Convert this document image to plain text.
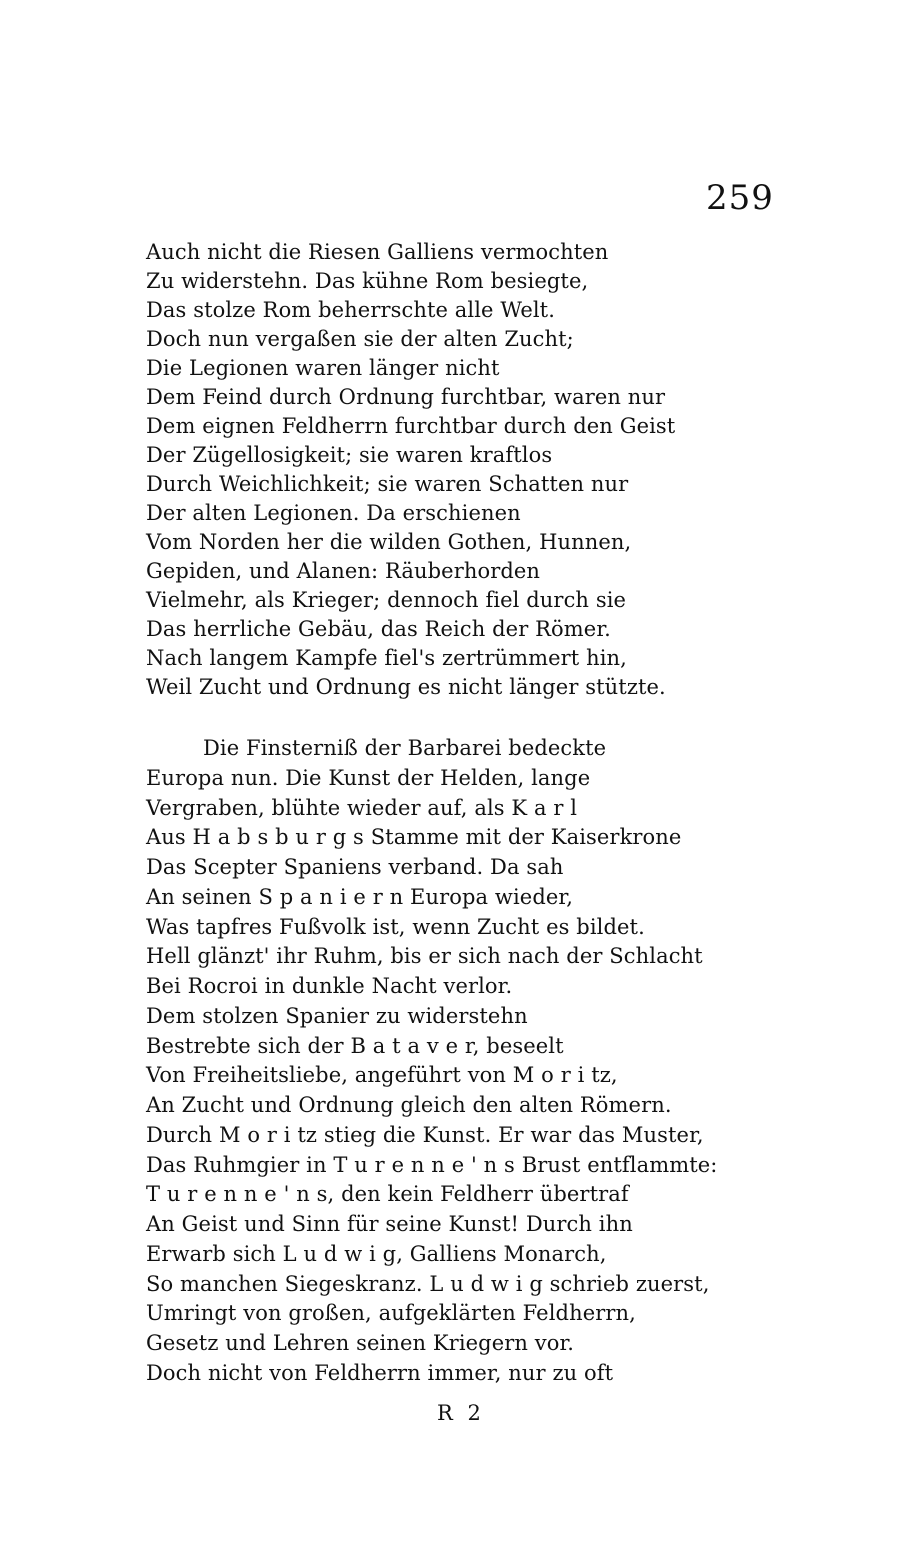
259
Auch nicht die Riesen Galliens vermochten
Zu widerstehn. Das kühne Rom besiegte,
Das stolze Rom beherrschte alle Welt.
Doch nun vergaßen sie der alten Zucht;
Die Legionen waren länger nicht
Dem Feind durch Ordnung furchtbar, waren nur
Dem eignen Feldherrn furchtbar durch den Geist
Der Zügellosigkeit; sie waren kraftlos
Durch Weichlichkeit; sie waren Schatten nur
Der alten Legionen. Da erschienen
Vom Norden her die wilden Gothen, Hunnen,
Gepiden, und Alanen: Räuberhorden
Vielmehr, als Krieger; dennoch fiel durch sie
Das herrliche Gebäu, das Reich der Römer.
Nach langem Kampfe fiel's zertrümmert hin,
Weil Zucht und Ordnung es nicht länger stützte.
Die Finsterniß der Barbarei bedeckte
Europa nun. Die Kunst der Helden, lange
Vergraben, blühte wieder auf, als K a r l
Aus H a b s b u r g s Stamme mit der Kaiserkrone
Das Scepter Spaniens verband. Da sah
An seinen S p a n i e r n Europa wieder,
Was tapfres Fußvolk ist, wenn Zucht es bildet.
Hell glänzt' ihr Ruhm, bis er sich nach der Schlacht
Bei Rocroi in dunkle Nacht verlor.
Dem stolzen Spanier zu widerstehn
Bestrebte sich der B a t a v e r, beseelt
Von Freiheitsliebe, angeführt von M o r i tz,
An Zucht und Ordnung gleich den alten Römern.
Durch M o r i tz stieg die Kunst. Er war das Muster,
Das Ruhmgier in T u r e n n e ' n s Brust entflammte:
T u r e n n e ' n s, den kein Feldherr übertraf
An Geist und Sinn für seine Kunst! Durch ihn
Erwarb sich L u d w i g, Galliens Monarch,
So manchen Siegeskranz. L u d w i g schrieb zuerst,
Umringt von großen, aufgeklärten Feldherrn,
Gesetz und Lehren seinen Kriegern vor.
Doch nicht von Feldherrn immer, nur zu oft
R 2
